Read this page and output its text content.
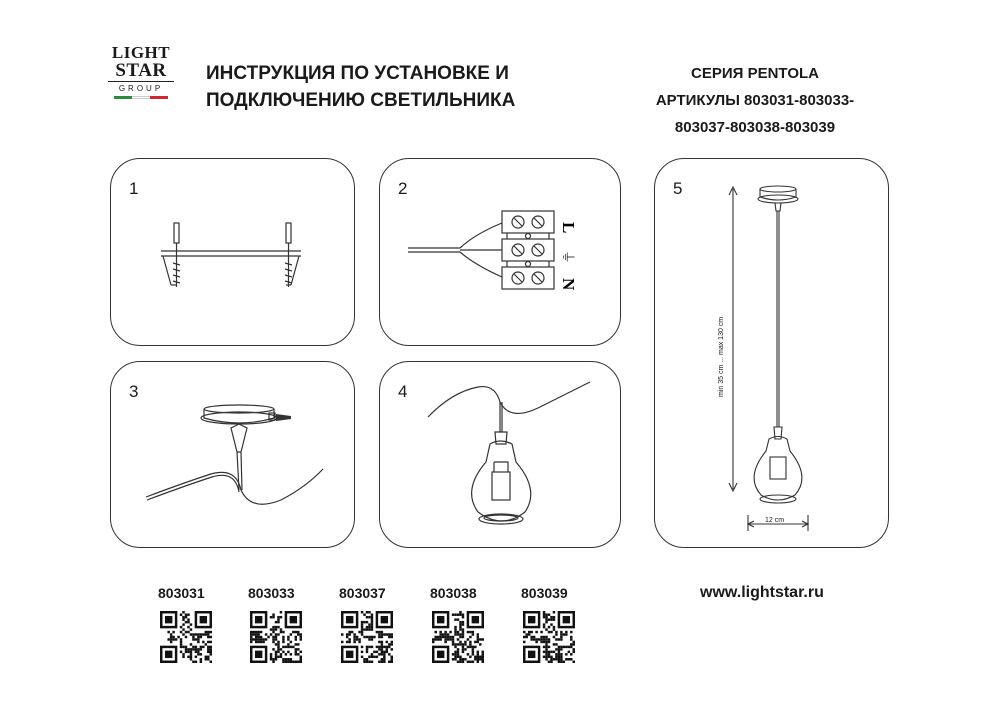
LIGHT
STAR
GROUP
ИНСТРУКЦИЯ ПО УСТАНОВКЕ И
ПОДКЛЮЧЕНИЮ СВЕТИЛЬНИКА
СЕРИЯ PENTOLA
АРТИКУЛЫ 803031-803033-
803037-803038-803039
1	2
L
⏚
N
3	4
5
min 35 cm ... max 130 cm
12 cm
803031	803033	803037	803038	803039	www.lightstar.ru
